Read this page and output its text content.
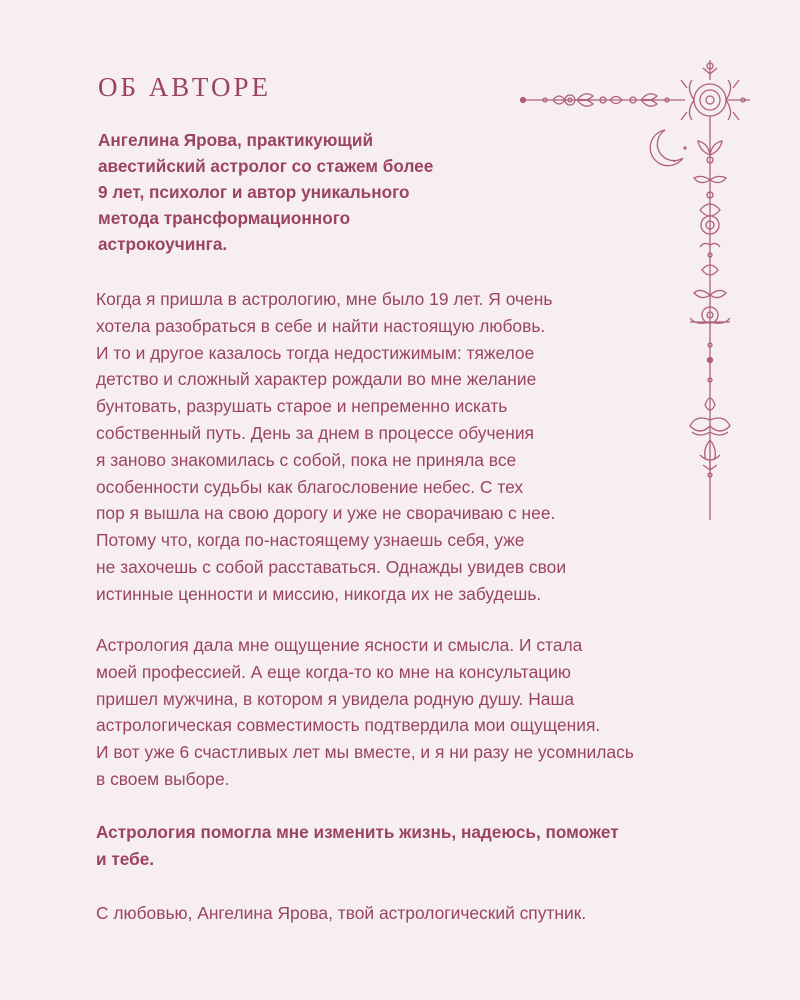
ОБ АВТОРЕ

Ангелина Ярова, практикующий
авестийский астролог со стажем более
9 лет, психолог и автор уникального
метода трансформационного
астрокоучинга.

Когда я пришла в астрологию, мне было 19 лет. Я очень
хотела разобраться в себе и найти настоящую любовь.
И то и другое казалось тогда недостижимым: тяжелое
детство и сложный характер рождали во мне желание
бунтовать, разрушать старое и непременно искать
собственный путь. День за днем в процессе обучения
я заново знакомилась с собой, пока не приняла все
особенности судьбы как благословение небес. С тех
пор я вышла на свою дорогу и уже не сворачиваю с нее.
Потому что, когда по-настоящему узнаешь себя, уже
не захочешь с собой расставаться. Однажды увидев свои
истинные ценности и миссию, никогда их не забудешь.

Астрология дала мне ощущение ясности и смысла. И стала
моей профессией. А еще когда-то ко мне на консультацию
пришел мужчина, в котором я увидела родную душу. Наша
астрологическая совместимость подтвердила мои ощущения.
И вот уже 6 счастливых лет мы вместе, и я ни разу не усомнилась
в своем выборе.

Астрология помогла мне изменить жизнь, надеюсь, поможет
и тебе.

С любовью, Ангелина Ярова, твой астрологический спутник.
